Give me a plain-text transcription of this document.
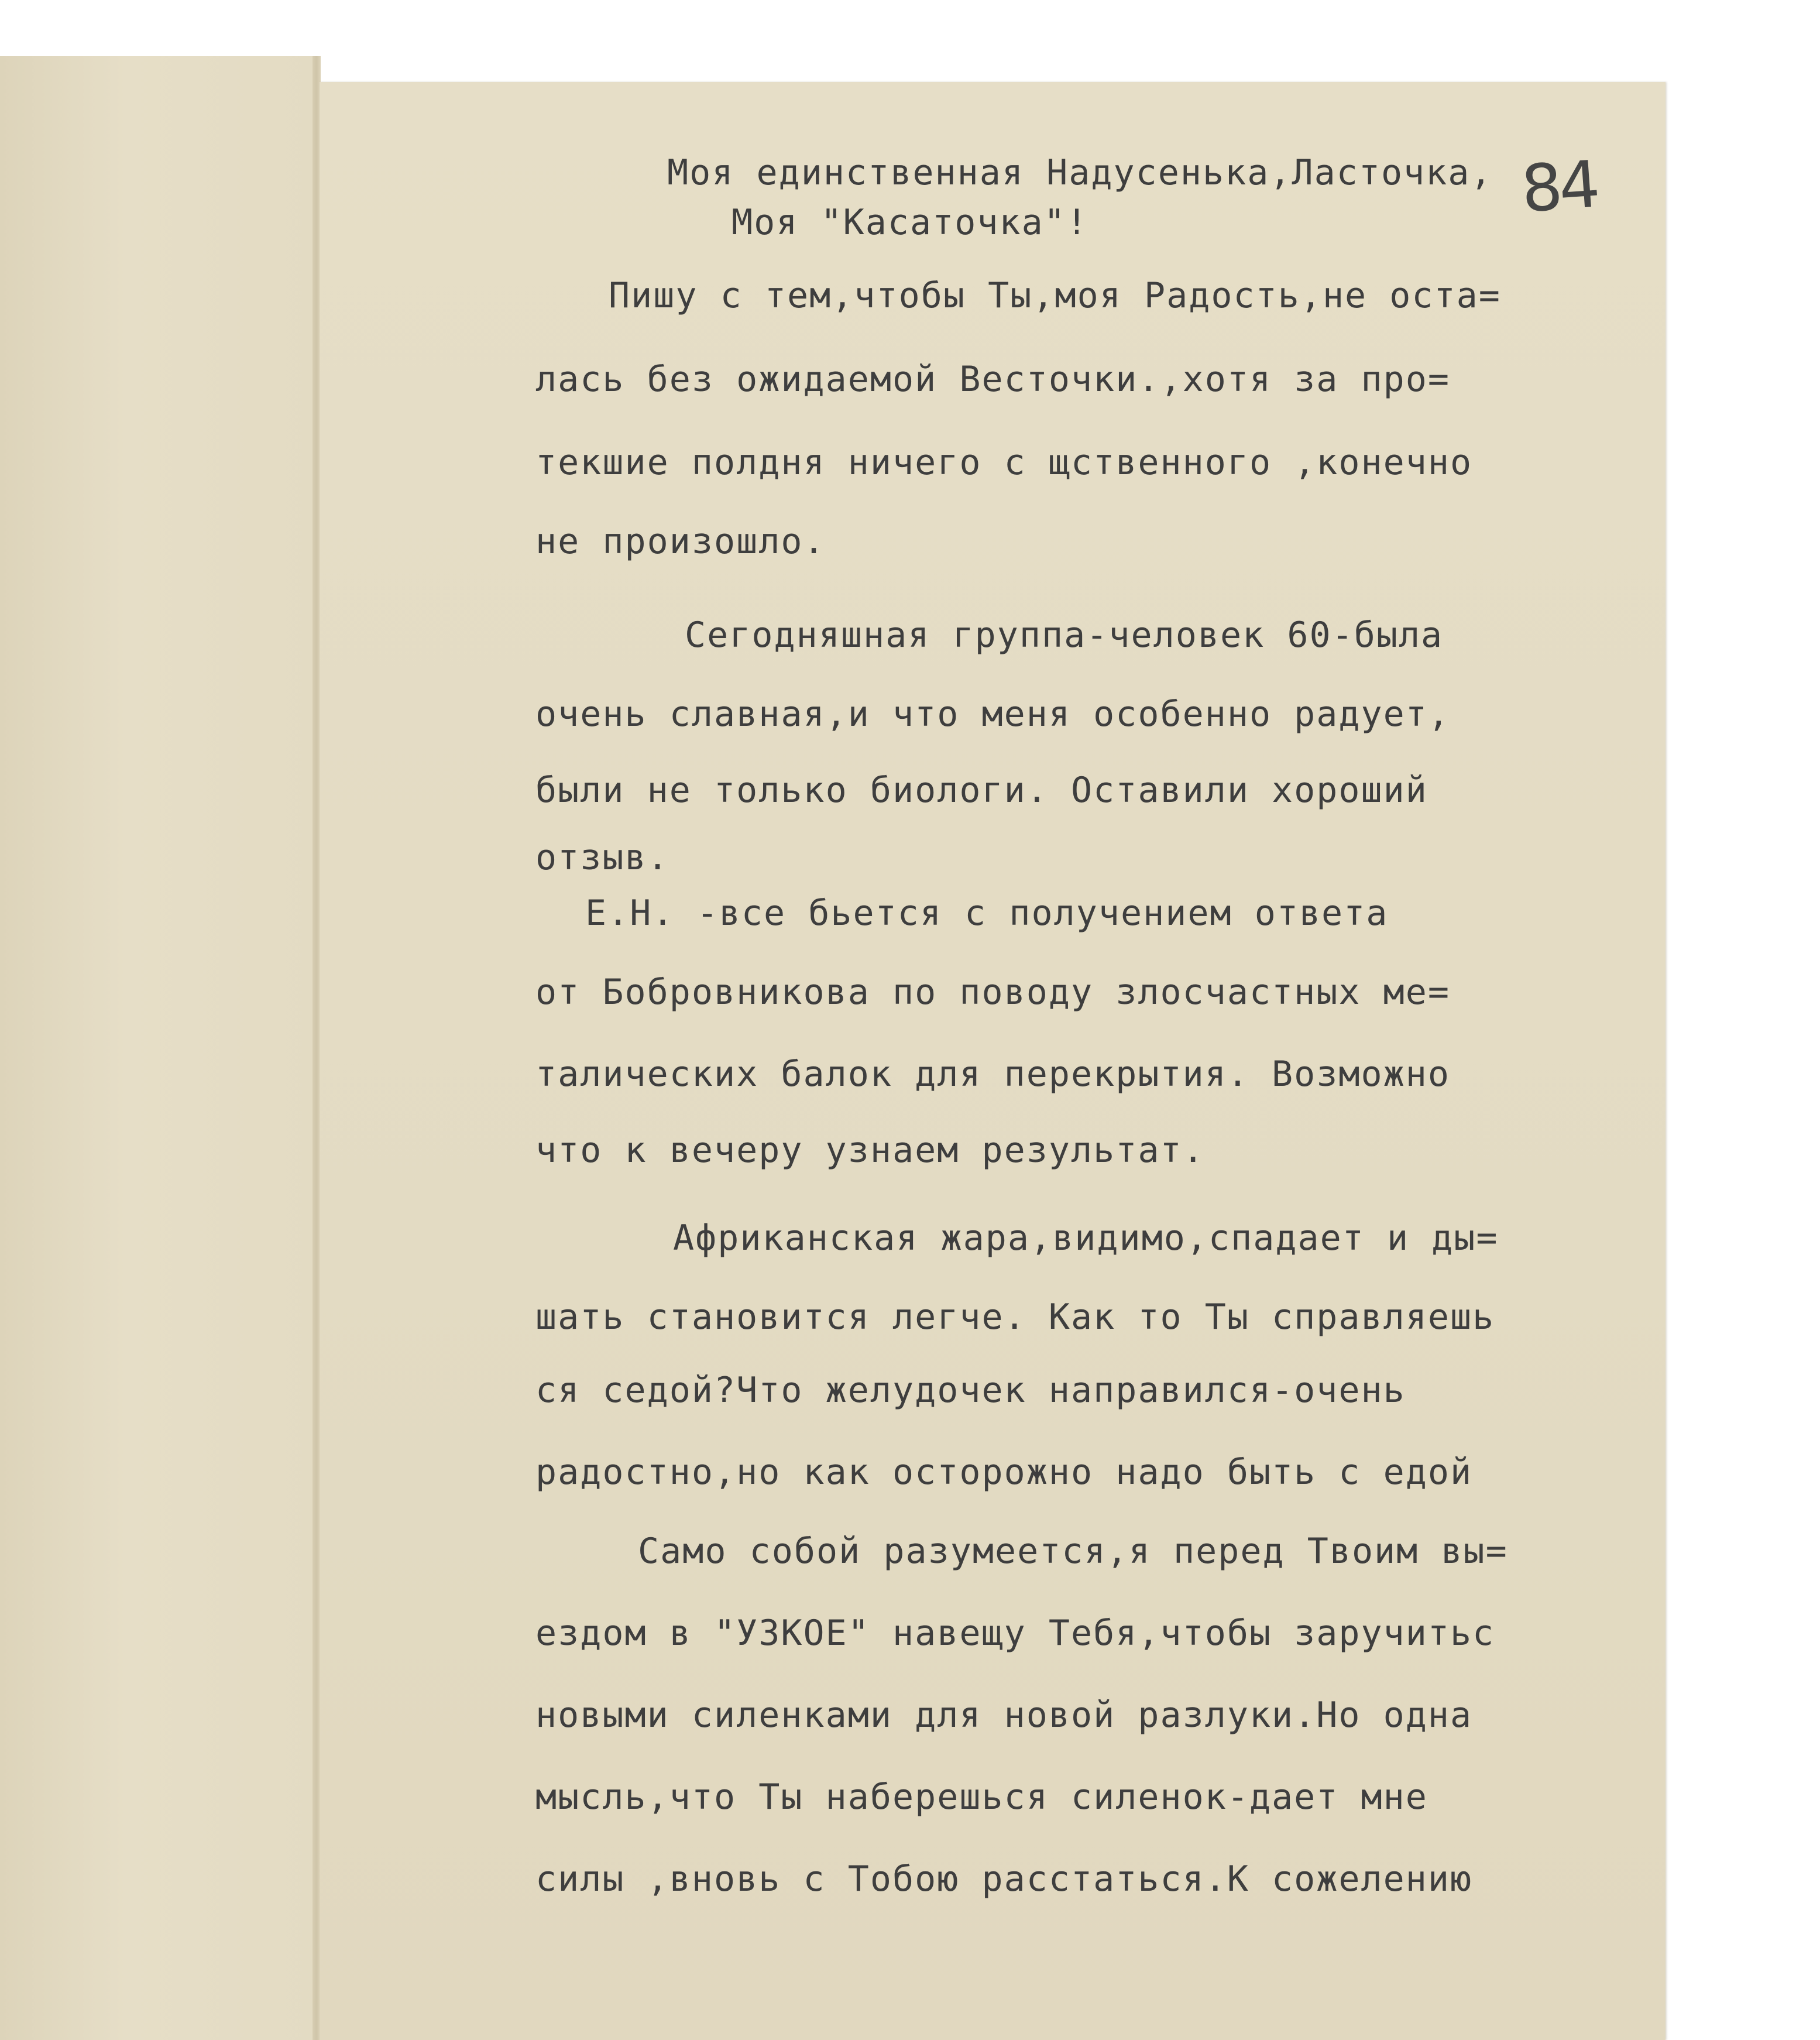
84
Моя единственная Надусенька,Ласточка,
Моя "Касаточка"!
Пишу с тем,чтобы Ты,моя Радость,не оста=
лась без ожидаемой Весточки.,хотя за про=
текшие полдня ничего с щственного ,конечно
не произошло.
Сегодняшная группа-человек 60-была
очень славная,и что меня особенно радует,
были не только биологи. Оставили хороший
отзыв.
Е.Н. -все бьется с получением ответа
от Бобровникова по поводу злосчастных ме=
талических балок для перекрытия. Возможно
что к вечеру узнаем результат.
Африканская жара,видимо,спадает и ды=
шать становится легче. Как то Ты справляешь
ся седой?Что желудочек направился-очень
радостно,но как осторожно надо быть с едой
Само собой разумеется,я перед Твоим вы=
ездом в "УЗКОЕ" навещу Тебя,чтобы заручитьс
новыми силенками для новой разлуки.Но одна
мысль,что Ты наберешься силенок-дает мне
силы ,вновь с Тобою расстаться.К сожелению
